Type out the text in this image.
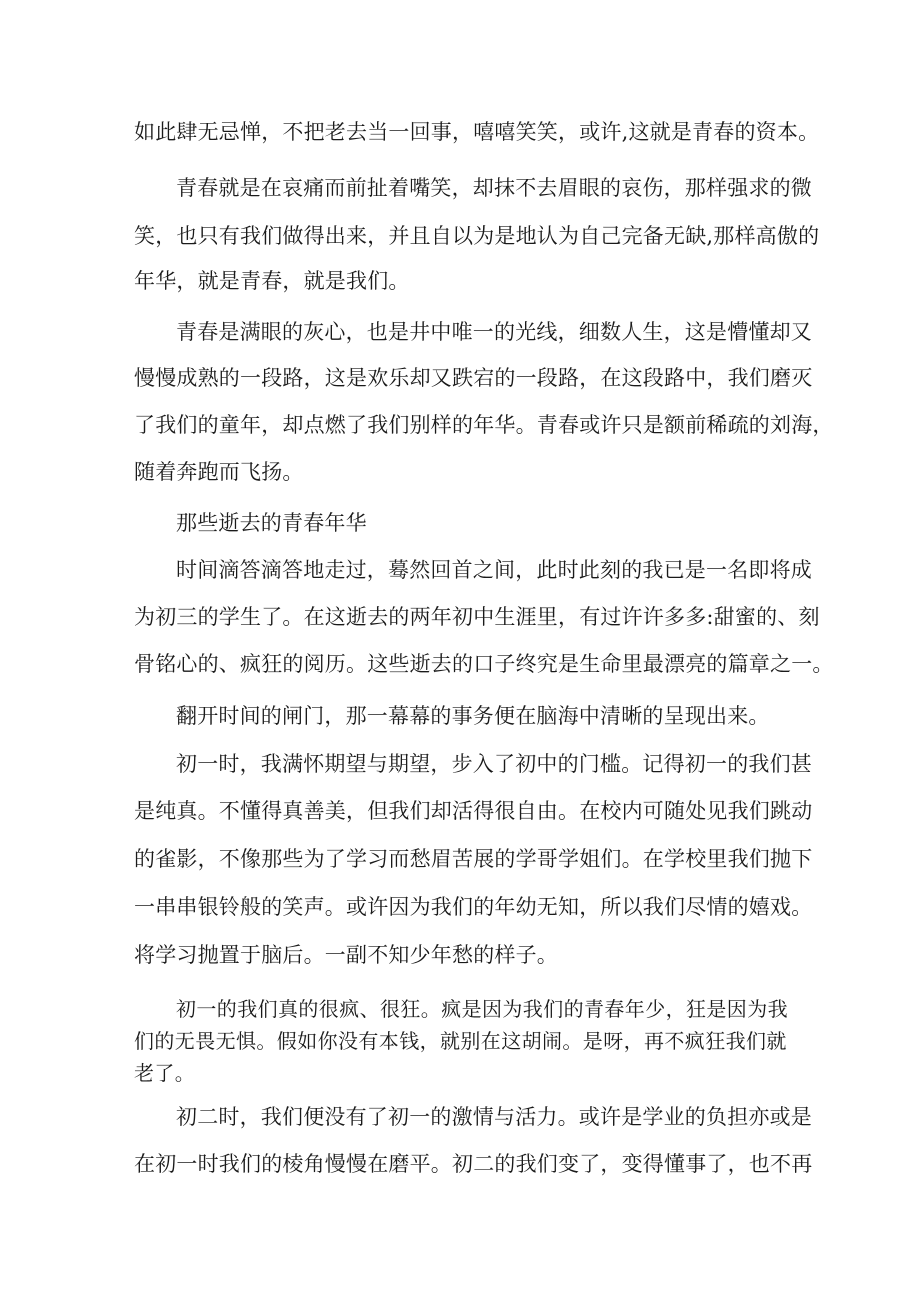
如此肆无忌惮，不把老去当一回事，嘻嘻笑笑，或许,这就是青春的资本。

青春就是在哀痛而前扯着嘴笑，却抹不去眉眼的哀伤，那样强求的微

笑，也只有我们做得出来，并且自以为是地认为自己完备无缺,那样高傲的

年华，就是青春，就是我们。

青春是满眼的灰心，也是井中唯一的光线，细数人生，这是懵懂却又

慢慢成熟的一段路，这是欢乐却又跌宕的一段路，在这段路中，我们磨灭

了我们的童年，却点燃了我们别样的年华。青春或许只是额前稀疏的刘海，

随着奔跑而飞扬。

那些逝去的青春年华

时间滴答滴答地走过，蓦然回首之间，此时此刻的我已是一名即将成

为初三的学生了。在这逝去的两年初中生涯里，有过许许多多:甜蜜的、刻

骨铭心的、疯狂的阅历。这些逝去的口子终究是生命里最漂亮的篇章之一。

翻开时间的闸门，那一幕幕的事务便在脑海中清晰的呈现出来。

初一时，我满怀期望与期望，步入了初中的门槛。记得初一的我们甚

是纯真。不懂得真善美，但我们却活得很自由。在校内可随处见我们跳动

的雀影，不像那些为了学习而愁眉苦展的学哥学姐们。在学校里我们抛下

一串串银铃般的笑声。或许因为我们的年幼无知，所以我们尽情的嬉戏。

将学习抛置于脑后。一副不知少年愁的样子。

初一的我们真的很疯、很狂。疯是因为我们的青春年少，狂是因为我

们的无畏无惧。假如你没有本钱，就别在这胡闹。是呀，再不疯狂我们就

老了。

初二时，我们便没有了初一的激情与活力。或许是学业的负担亦或是

在初一时我们的棱角慢慢在磨平。初二的我们变了，变得懂事了，也不再
